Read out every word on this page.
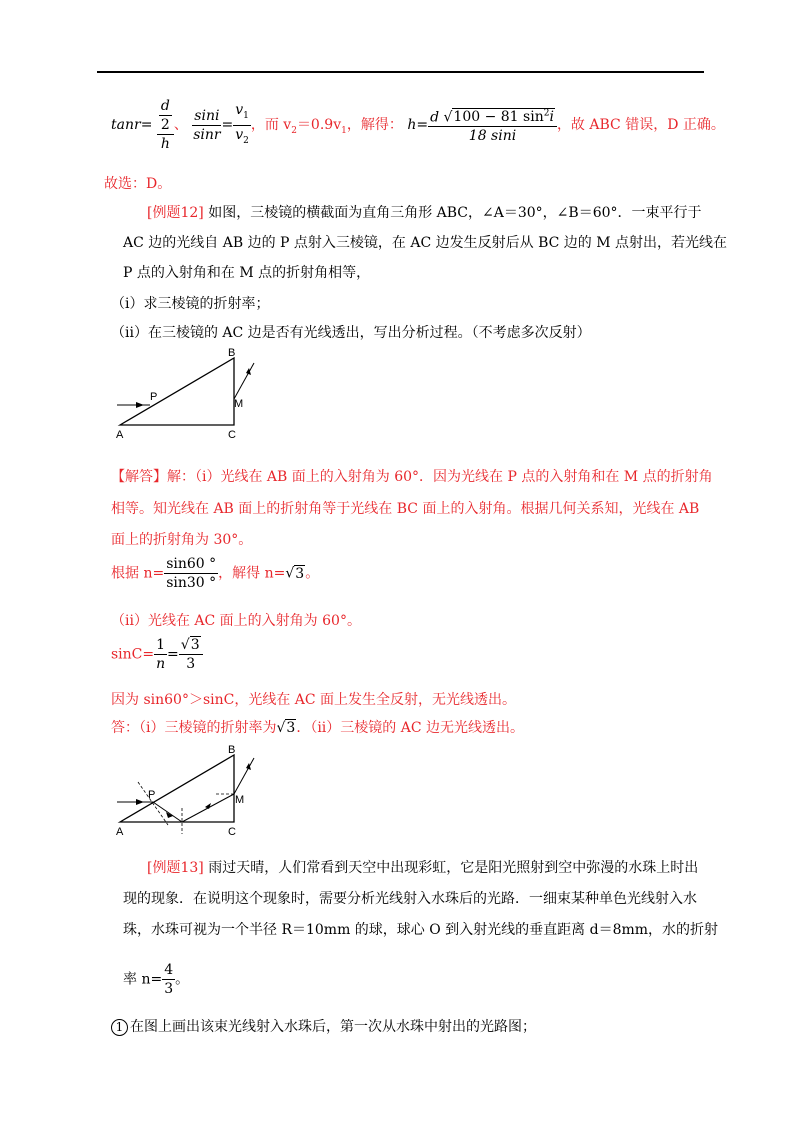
$\tan r= \frac{\frac{d}{2}}{h}$ 、 $\frac{\sin i}{\sin r} = \frac{v_1}{v_2}$ ，而 $v_2=0.9v_1$，解得： $h= \frac{d √100 - 81 \sin^2i}{18 \sin i}$ ，故 ABC 错误，D 正确。
故选：D。
[例题12] 如图，三棱镜的横截面为直角三角形 ABC，∠A＝30°，∠B＝60°．一束平行于
AC 边的光线自 AB 边的 P 点射入三棱镜，在 AC 边发生反射后从 BC 边的 M 点射出，若光线在
P 点的入射角和在 M 点的折射角相等，
（i）求三棱镜的折射率；
（ii）在三棱镜的 AC 边是否有光线透出，写出分析过程。（不考虑多次反射）
A
B
C
P
M
【解答】解：（i）光线在 AB 面上的入射角为 60°．因为光线在 P 点的入射角和在 M 点的折射角
相等。知光线在 AB 面上的折射角等于光线在 BC 面上的入射角。根据几何关系知，光线在 AB
面上的折射角为 30°。
根据 $n= \frac{\sin 60 ^\circ}{\sin 30 ^\circ}$ ，解得 n=√3。
（ii）光线在 AC 面上的入射角为 60°。
$\sin C= \frac{1}{n} = \frac{√3}{3}$
因为 sin60°＞sinC，光线在 AC 面上发生全反射，无光线透出。
答：（i）三棱镜的折射率为√3．（ii）三棱镜的 AC 边无光线透出。
A
B
C
P	M
[例题13] 雨过天晴，人们常看到天空中出现彩虹，它是阳光照射到空中弥漫的水珠上时出
现的现象．在说明这个现象时，需要分析光线射入水珠后的光路．一细束某种单色光线射入水
珠，水珠可视为一个半径 R＝10mm 的球，球心 O 到入射光线的垂直距离 d＝8mm，水的折射
率 $n= \frac{4}{3}$ 。
1 在图上画出该束光线射入水珠后，第一次从水珠中射出的光路图；
